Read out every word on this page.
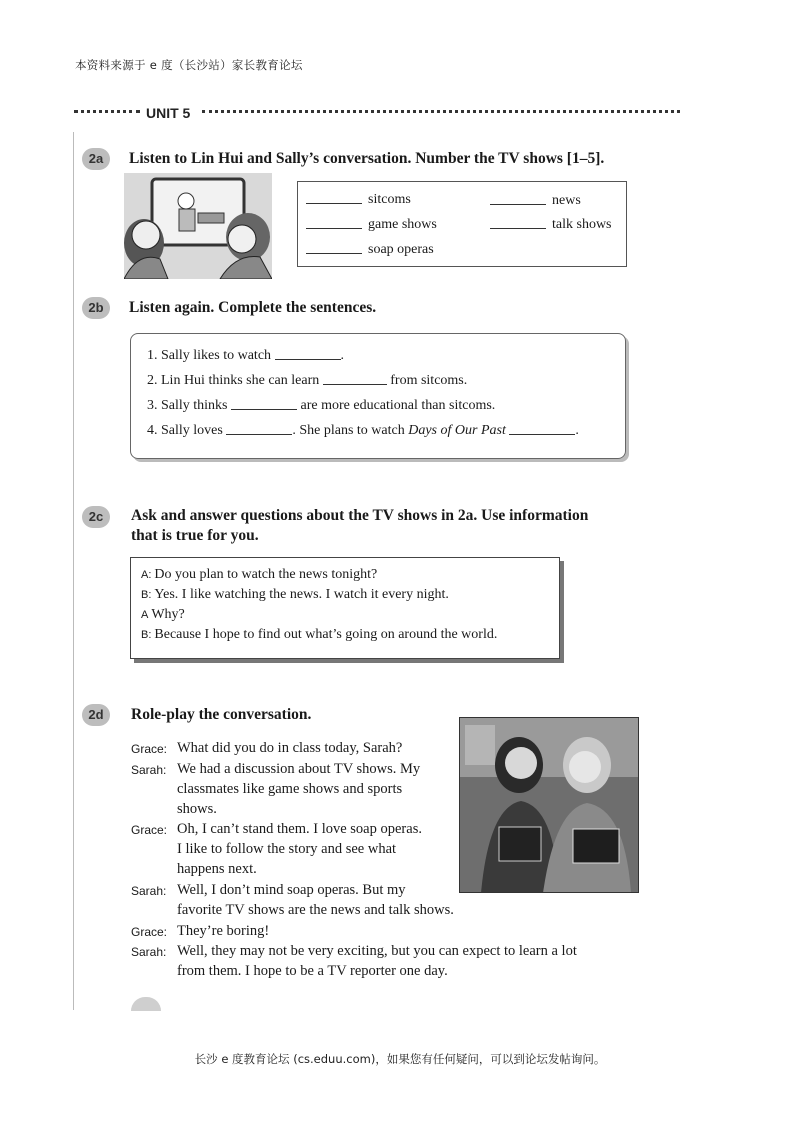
本资料来源于 e 度（长沙站）家长教育论坛
UNIT 5
2a	Listen to Lin Hui and Sally’s conversation. Number the TV shows [1–5].
sitcoms	news
game shows	talk shows
soap operas
2b	Listen again. Complete the sentences.
1. Sally likes to watch	.
2. Lin Hui thinks she can learn	from sitcoms.
3. Sally thinks	are more educational than sitcoms.
4. Sally loves	. She plans to watch Days of Our Past	.
2c	Ask and answer questions about the TV shows in 2a. Use information
that is true for you.
A: Do you plan to watch the news tonight?
B: Yes. I like watching the news. I watch it every night.
A Why?
B: Because I hope to find out what’s going on around the world.
2d	Role-play the conversation.
Grace: What did you do in class today, Sarah?
Sarah: We had a discussion about TV shows. My
classmates like game shows and sports
shows.
Grace: Oh, I can’t stand them. I love soap operas.
I like to follow the story and see what
happens next.
Sarah: Well, I don’t mind soap operas. But my
favorite TV shows are the news and talk shows.
Grace: They’re boring!
Sarah: Well, they may not be very exciting, but you can expect to learn a lot
from them. I hope to be a TV reporter one day.
长沙 e 度教育论坛 (cs.eduu.com)，如果您有任何疑问，可以到论坛发帖询问。
